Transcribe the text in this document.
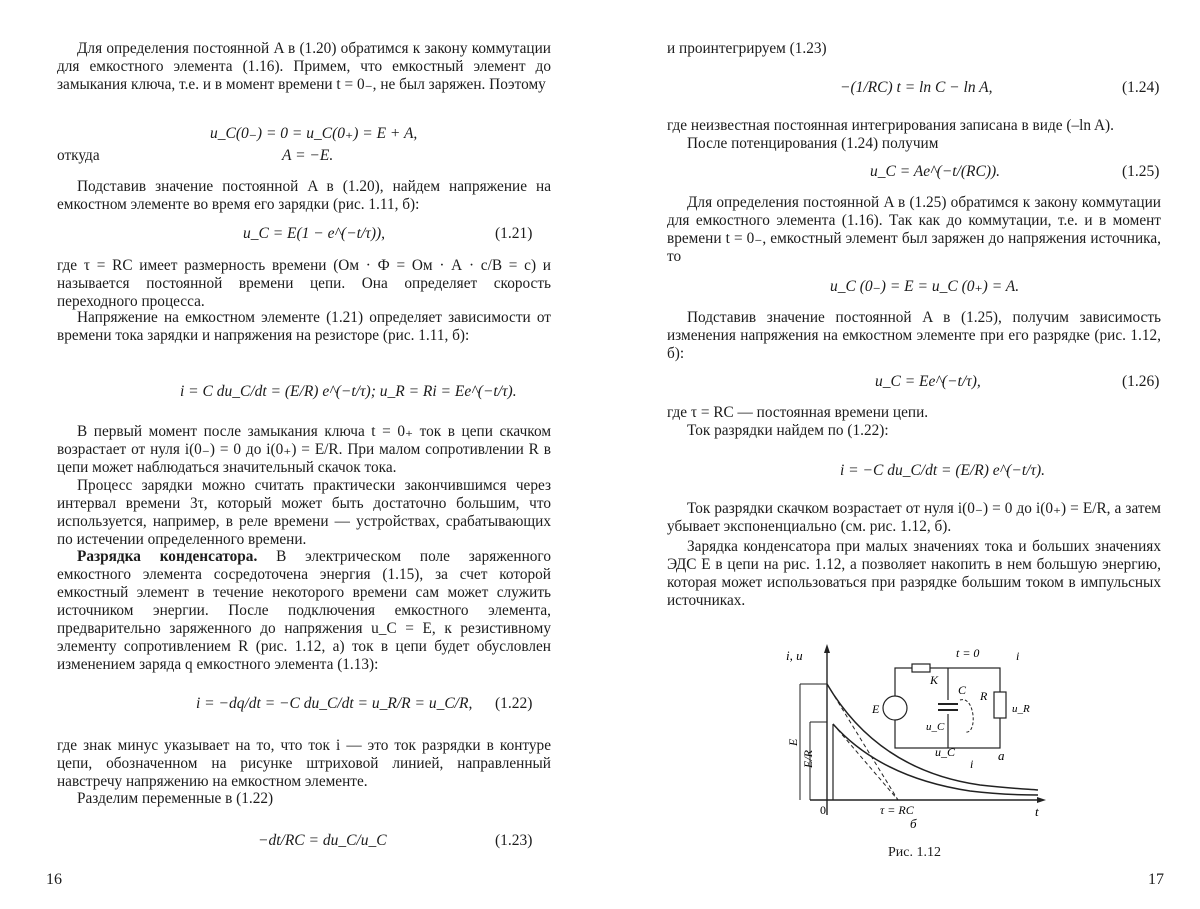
Для определения постоянной A в (1.20) обратимся к закону коммутации для емкостного элемента (1.16). Примем, что емкостный элемент до замыкания ключа, т.е. и в момент времени t = 0₋, не был заряжен. Поэтому
u_C(0₋) = 0 = u_C(0₊) = E + A,
откуда	A = −E.
Подставив значение постоянной A в (1.20), найдем напряжение на емкостном элементе во время его зарядки (рис. 1.11, б):
u_C = E(1 − e^(−t/τ)),	(1.21)
где τ = RC имеет размерность времени (Ом · Ф = Ом · А · с/В = с) и называется постоянной времени цепи. Она определяет скорость переходного процесса.
Напряжение на емкостном элементе (1.21) определяет зависимости от времени тока зарядки и напряжения на резисторе (рис. 1.11, б):
i = C du_C/dt = (E/R) e^(−t/τ); u_R = Ri = Ee^(−t/τ).
В первый момент после замыкания ключа t = 0₊ ток в цепи скачком возрастает от нуля i(0₋) = 0 до i(0₊) = E/R. При малом сопротивлении R в цепи может наблюдаться значительный скачок тока.
Процесс зарядки можно считать практически закончившимся через интервал времени 3τ, который может быть достаточно большим, что используется, например, в реле времени — устройствах, срабатывающих по истечении определенного времени.
Разрядка конденсатора. В электрическом поле заряженного емкостного элемента сосредоточена энергия (1.15), за счет которой емкостный элемент в течение некоторого времени сам может служить источником энергии. После подключения емкостного элемента, предварительно заряженного до напряжения u_C = E, к резистивному элементу сопротивлением R (рис. 1.12, а) ток в цепи будет обусловлен изменением заряда q емкостного элемента (1.13):
i = −dq/dt = −C du_C/dt = u_R/R = u_C/R, (1.22)
где знак минус указывает на то, что ток i — это ток разрядки в контуре цепи, обозначенном на рисунке штриховой линией, направленный навстречу напряжению на емкостном элементе.
Разделим переменные в (1.22)
−dt/RC = du_C/u_C	(1.23)
16
и проинтегрируем (1.23)
−(1/RC) t = ln C − ln A,	(1.24)
где неизвестная постоянная интегрирования записана в виде (–ln A).
После потенцирования (1.24) получим
u_C = Ae^(−t/(RC)).	(1.25)
Для определения постоянной A в (1.25) обратимся к закону коммутации для емкостного элемента (1.16). Так как до коммутации, т.е. и в момент времени t = 0₋, емкостный элемент был заряжен до напряжения источника, то
u_C (0₋) = E = u_C (0₊) = A.
Подставив значение постоянной A в (1.25), получим зависимость изменения напряжения на емкостном элементе при его разрядке (рис. 1.12, б):
u_C = Ee^(−t/τ),	(1.26)
где τ = RC — постоянная времени цепи.
Ток разрядки найдем по (1.22):
i = −C du_C/dt = (E/R) e^(−t/τ).
Ток разрядки скачком возрастает от нуля i(0₋) = 0 до i(0₊) = E/R, а затем убывает экспоненциально (см. рис. 1.12, б).
Зарядка конденсатора при малых значениях тока и больших значениях ЭДС E в цепи на рис. 1.12, а позволяет накопить в нем большую энергию, которая может использоваться при разрядке большим током в импульсных источниках.
i, u
t
0
E
E/R
τ = RC
u_C
i
б
t = 0
K
E
C R
u_C
u_R
i
а
Рис. 1.12
17
